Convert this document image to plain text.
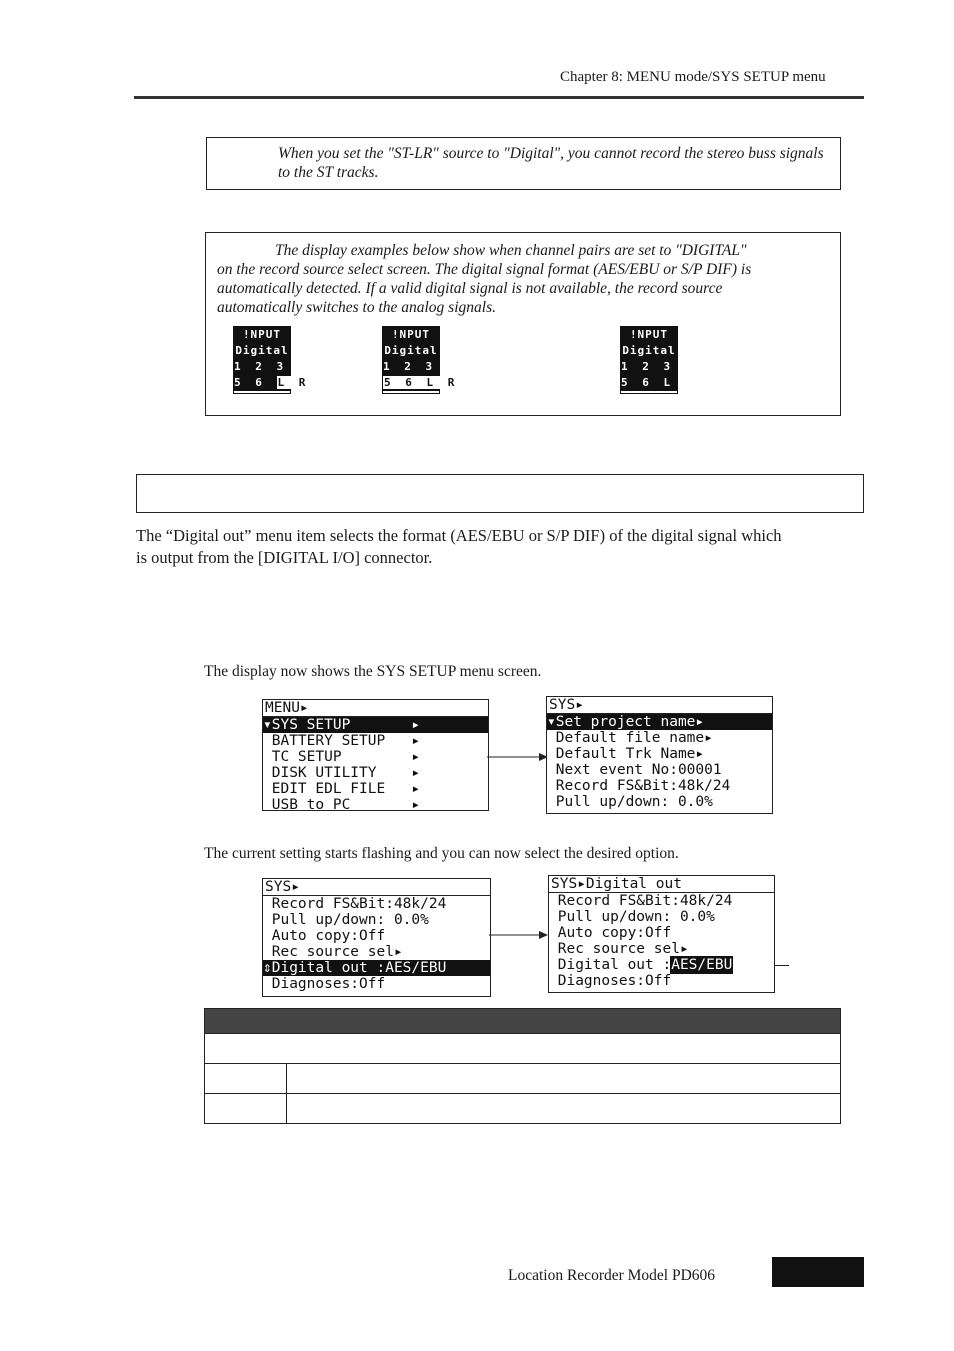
Chapter 8: MENU mode/SYS SETUP menu
When you set the "ST-LR" source to "Digital", you cannot record the stereo buss signals to the ST tracks.
The display examples below show when channel pairs are set to "DIGITAL"
on the record source select screen. The digital signal format (AES/EBU or S/P DIF) is
automatically detected. If a valid digital signal is not available, the record source
automatically switches to the analog signals.
!NPUT
Digital
1 2 3 4
5 6 L R
!NPUT
Digital
1 2 3 4
5 6 L R
!NPUT
Digital
1 2 3 4
5 6 L R
The “Digital out” menu item selects the format (AES/EBU or S/P DIF) of the digital signal which
is output from the [DIGITAL I/O] connector.
The display now shows the SYS SETUP menu screen.
MENU▸
▾SYS SETUP       ▸
BATTERY SETUP   ▸
TC SETUP        ▸
DISK UTILITY    ▸
EDIT EDL FILE   ▸
USB to PC       ▸
SYS▸
▾Set project name▸
Default file name▸
Default Trk Name▸
Next event No:00001
Record FS&Bit:48k/24
Pull up/down: 0.0%
The current setting starts flashing and you can now select the desired option.
SYS▸
Record FS&Bit:48k/24
Pull up/down: 0.0%
Auto copy:Off
Rec source sel▸
⇕Digital out :AES/EBU
Diagnoses:Off
SYS▸Digital out
Record FS&Bit:48k/24
Pull up/down: 0.0%
Auto copy:Off
Rec source sel▸
Digital out :AES/EBU
Diagnoses:Off

Location Recorder Model PD606
